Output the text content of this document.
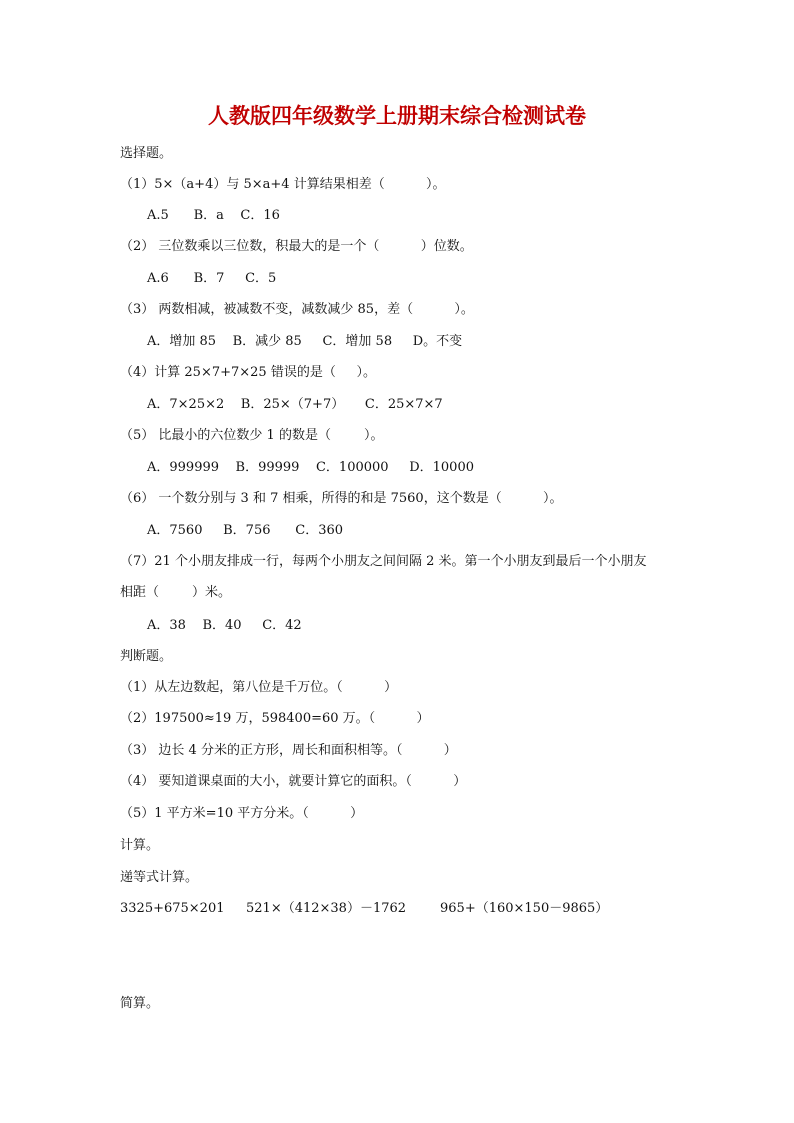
人教版四年级数学上册期末综合检测试卷
选择题。
（1）5×（a+4）与 5×a+4 计算结果相差（          ）。
A.5      B．a    C．16
（2） 三位数乘以三位数，积最大的是一个（          ）位数。
A.6      B．7     C．5
（3） 两数相减，被减数不变，减数减少 85，差（          ）。
A．增加 85    B．减少 85     C．增加 58     D。不变
（4）计算 25×7+7×25 错误的是（     ）。
A．7×25×2    B．25×（7+7）     C．25×7×7
（5） 比最小的六位数少 1 的数是（        ）。
A．999999    B．99999    C．100000     D．10000
（6） 一个数分别与 3 和 7 相乘，所得的和是 7560，这个数是（          ）。
A．7560     B．756      C．360
（7）21 个小朋友排成一行，每两个小朋友之间间隔 2 米。第一个小朋友到最后一个小朋友
相距（        ）米。
A．38    B．40     C．42
判断题。
（1）从左边数起，第八位是千万位。（          ）
（2）197500≈19 万，598400=60 万。（          ）
（3） 边长 4 分米的正方形，周长和面积相等。（          ）
（4） 要知道课桌面的大小，就要计算它的面积。（          ）
（5）1 平方米=10 平方分米。（          ）
计算。
递等式计算。
3325+675×201 521×（412×38）－1762	965+（160×150－9865）
简算。
